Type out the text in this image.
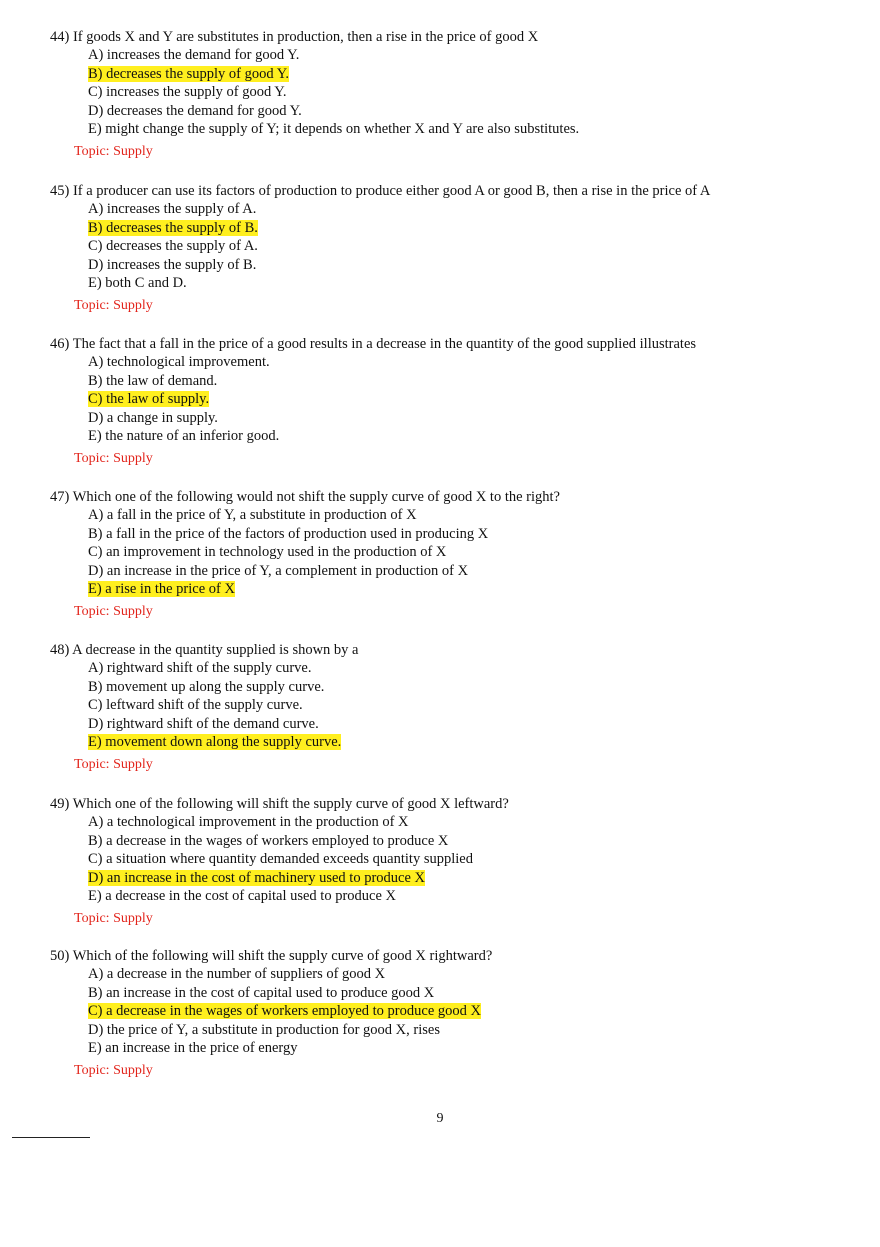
44) If goods X and Y are substitutes in production, then a rise in the price of good X
A) increases the demand for good Y.
B) decreases the supply of good Y.
C) increases the supply of good Y.
D) decreases the demand for good Y.
E) might change the supply of Y; it depends on whether X and Y are also substitutes.
Topic: Supply
45) If a producer can use its factors of production to produce either good A or good B, then a rise in the price of A
A) increases the supply of A.
B) decreases the supply of B.
C) decreases the supply of A.
D) increases the supply of B.
E) both C and D.
Topic: Supply
46) The fact that a fall in the price of a good results in a decrease in the quantity of the good supplied illustrates
A) technological improvement.
B) the law of demand.
C) the law of supply.
D) a change in supply.
E) the nature of an inferior good.
Topic: Supply
47) Which one of the following would not shift the supply curve of good X to the right?
A) a fall in the price of Y, a substitute in production of X
B) a fall in the price of the factors of production used in producing X
C) an improvement in technology used in the production of X
D) an increase in the price of Y, a complement in production of X
E) a rise in the price of X
Topic: Supply
48) A decrease in the quantity supplied is shown by a
A) rightward shift of the supply curve.
B) movement up along the supply curve.
C) leftward shift of the supply curve.
D) rightward shift of the demand curve.
E) movement down along the supply curve.
Topic: Supply
49) Which one of the following will shift the supply curve of good X leftward?
A) a technological improvement in the production of X
B) a decrease in the wages of workers employed to produce X
C) a situation where quantity demanded exceeds quantity supplied
D) an increase in the cost of machinery used to produce X
E) a decrease in the cost of capital used to produce X
Topic: Supply
50) Which of the following will shift the supply curve of good X rightward?
A) a decrease in the number of suppliers of good X
B) an increase in the cost of capital used to produce good X
C) a decrease in the wages of workers employed to produce good X
D) the price of Y, a substitute in production for good X, rises
E) an increase in the price of energy
Topic: Supply
9
